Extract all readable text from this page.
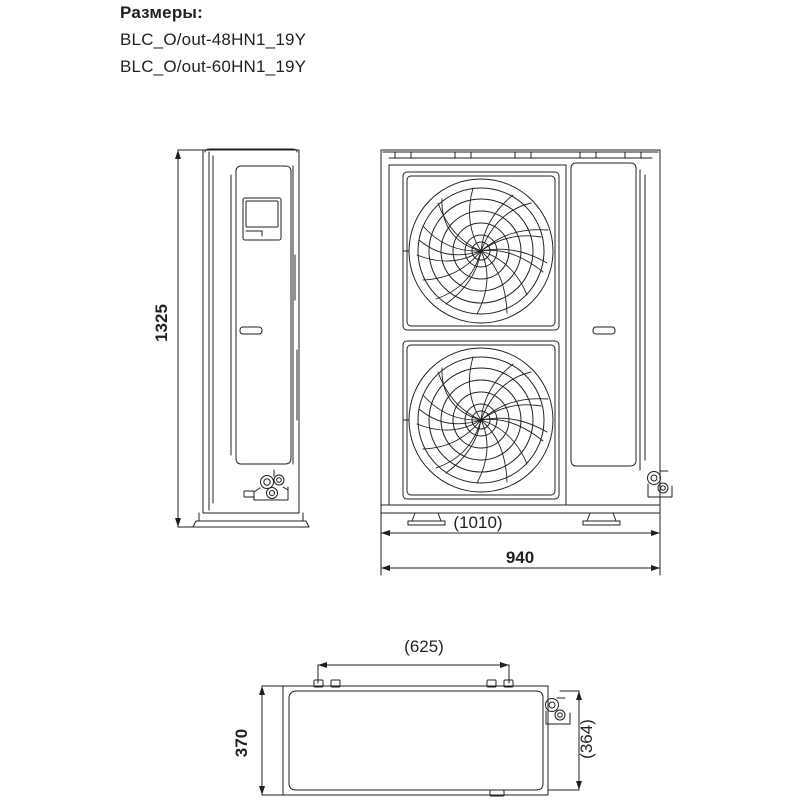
Размеры:
BLC_O/out-48HN1_19Y
BLC_O/out-60HN1_19Y
1325
(1010)
940
(625)
370	(364)
